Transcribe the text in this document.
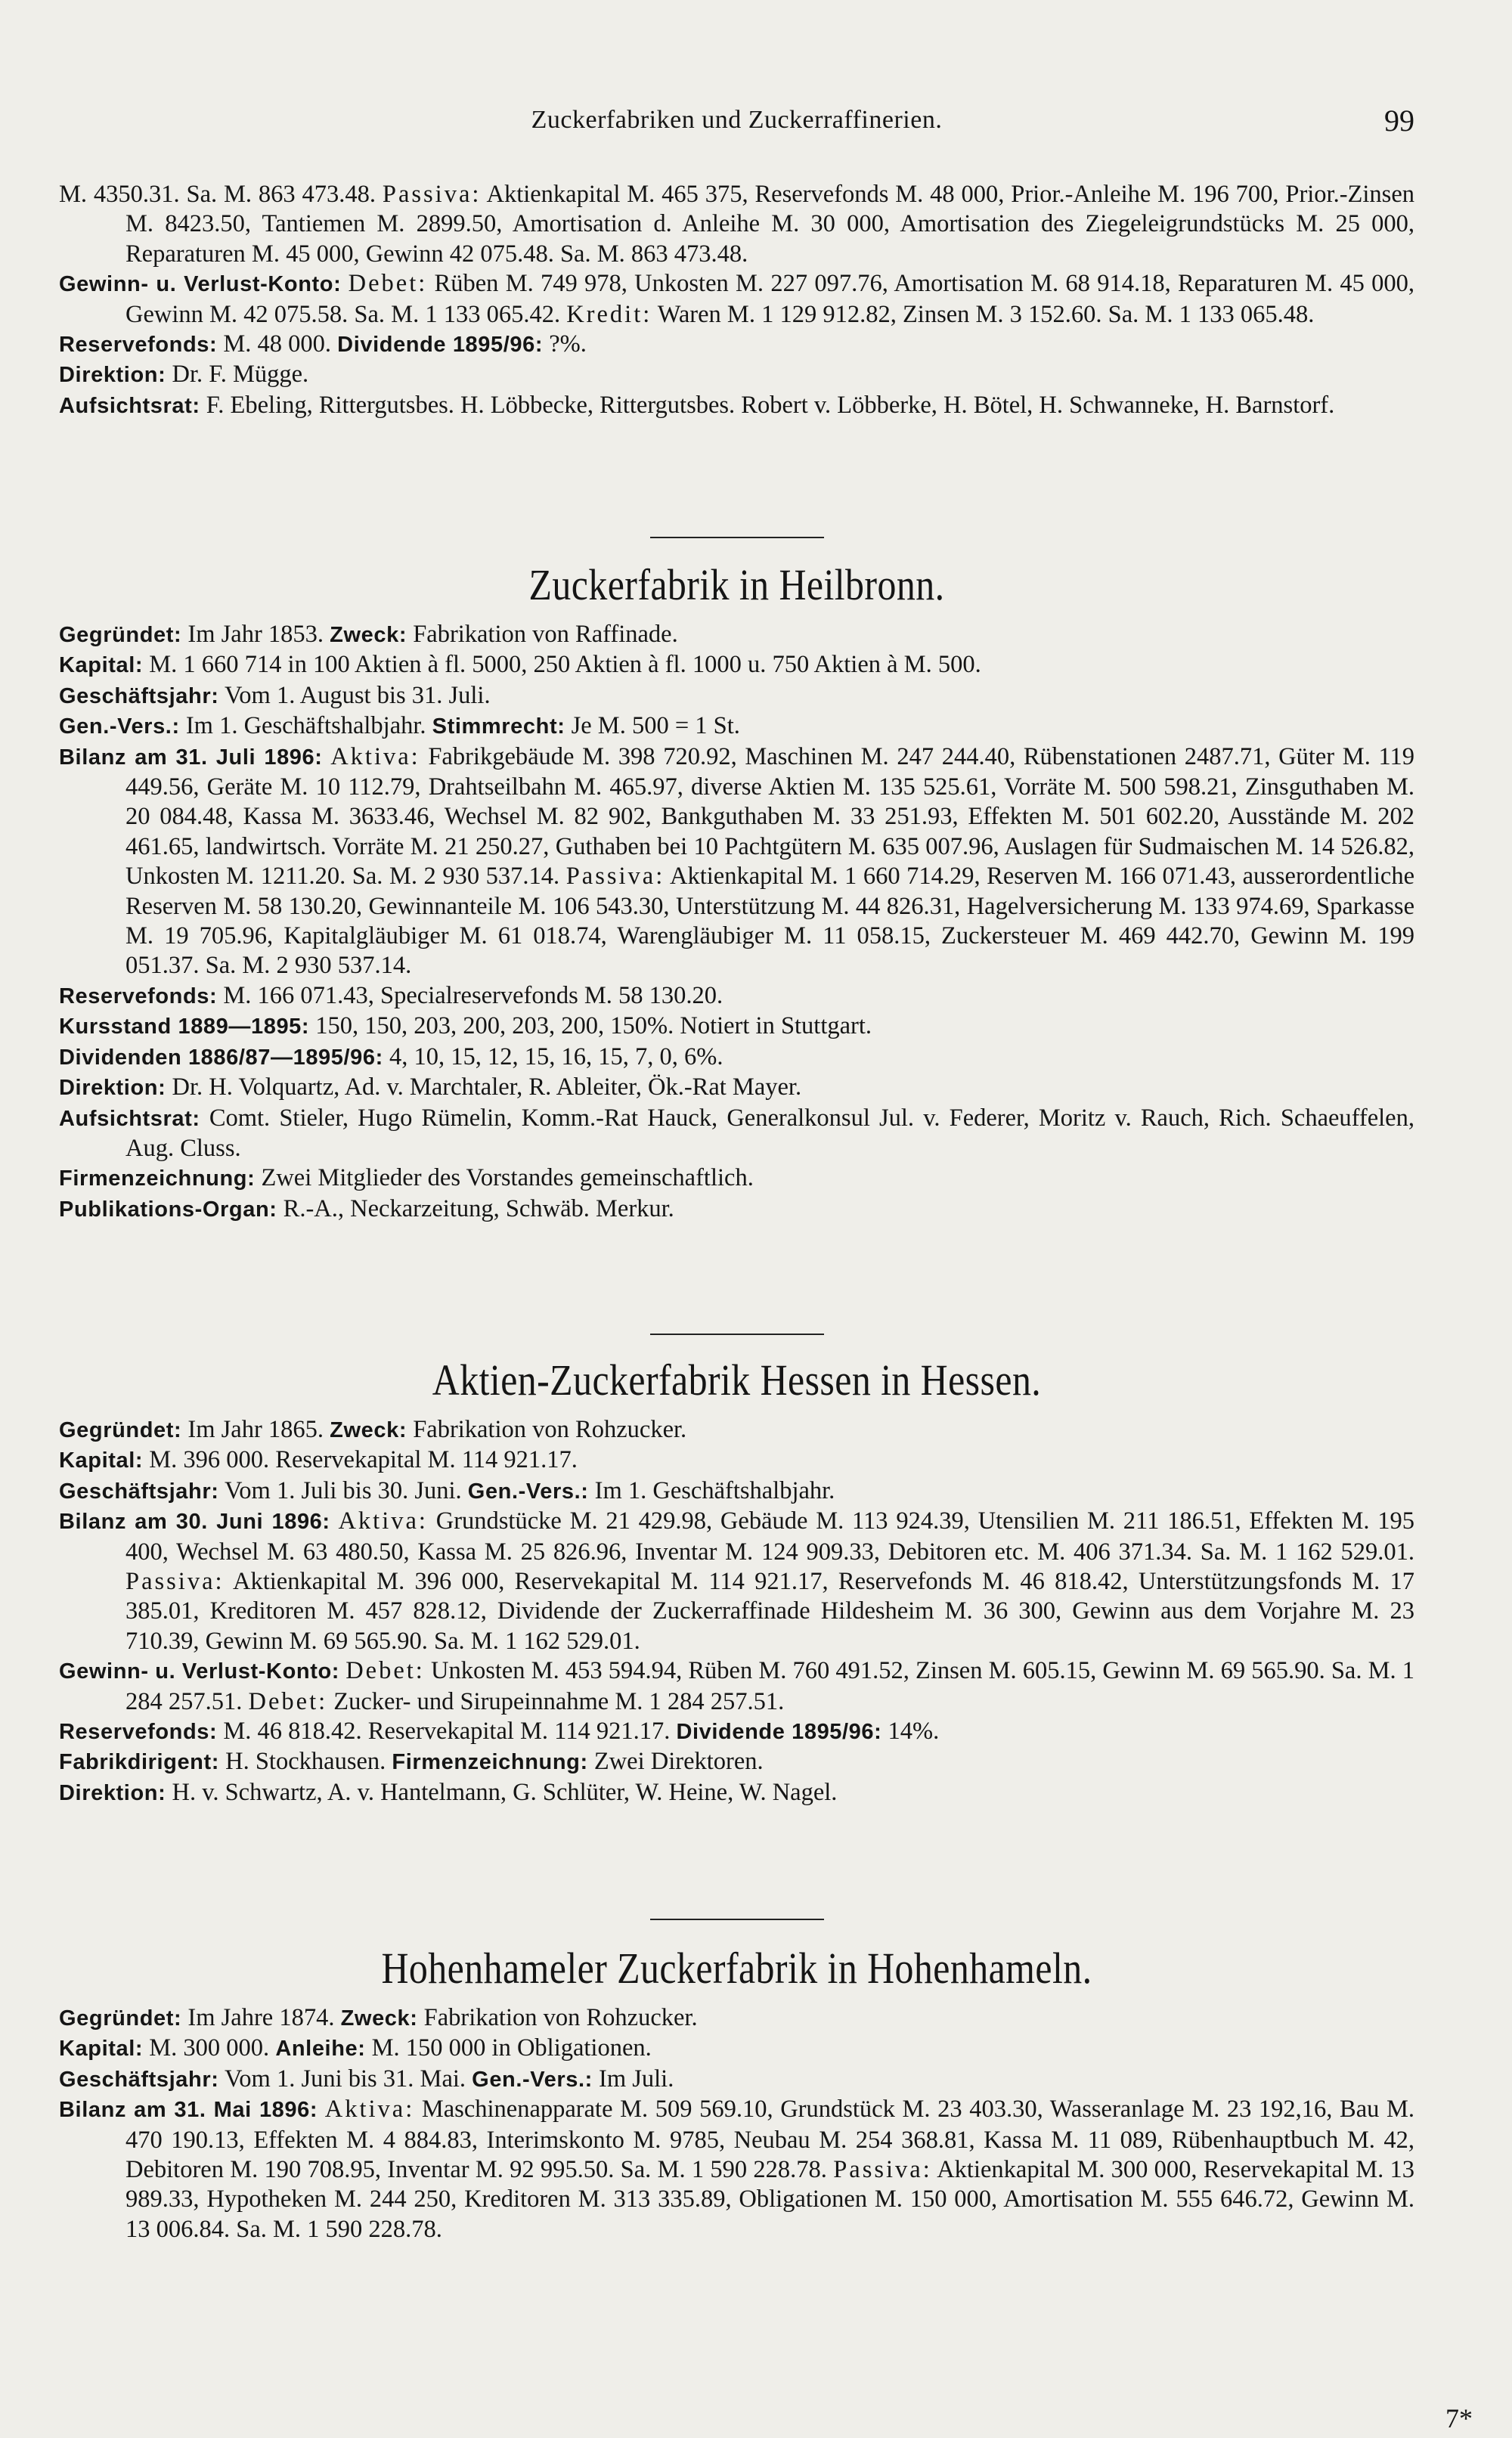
Zuckerfabriken und Zuckerraffinerien.	99

M. 4350.31. Sa. M. 863 473.48. Passiva: Aktienkapital M. 465 375, Reservefonds M. 48 000, Prior.-Anleihe M. 196 700, Prior.-Zinsen M. 8423.50, Tantiemen M. 2899.50, Amortisation d. Anleihe M. 30 000, Amortisation des Ziegeleigrundstücks M. 25 000, Reparaturen M. 45 000, Gewinn 42 075.48. Sa. M. 863 473.48.

Gewinn- u. Verlust-Konto: Debet: Rüben M. 749 978, Unkosten M. 227 097.76, Amortisation M. 68 914.18, Reparaturen M. 45 000, Gewinn M. 42 075.58. Sa. M. 1 133 065.42. Kredit: Waren M. 1 129 912.82, Zinsen M. 3 152.60. Sa. M. 1 133 065.48.

Reservefonds: M. 48 000. Dividende 1895/96: ?%.

Direktion: Dr. F. Mügge.

Aufsichtsrat: F. Ebeling, Rittergutsbes. H. Löbbecke, Rittergutsbes. Robert v. Löbberke, H. Bötel, H. Schwanneke, H. Barnstorf.

Zuckerfabrik in Heilbronn.

Gegründet: Im Jahr 1853. Zweck: Fabrikation von Raffinade.

Kapital: M. 1 660 714 in 100 Aktien à fl. 5000, 250 Aktien à fl. 1000 u. 750 Aktien à M. 500.

Geschäftsjahr: Vom 1. August bis 31. Juli.

Gen.-Vers.: Im 1. Geschäftshalbjahr. Stimmrecht: Je M. 500 = 1 St.

Bilanz am 31. Juli 1896: Aktiva: Fabrikgebäude M. 398 720.92, Maschinen M. 247 244.40, Rübenstationen 2487.71, Güter M. 119 449.56, Geräte M. 10 112.79, Drahtseilbahn M. 465.97, diverse Aktien M. 135 525.61, Vorräte M. 500 598.21, Zinsguthaben M. 20 084.48, Kassa M. 3633.46, Wechsel M. 82 902, Bankguthaben M. 33 251.93, Effekten M. 501 602.20, Ausstände M. 202 461.65, landwirtsch. Vorräte M. 21 250.27, Guthaben bei 10 Pachtgütern M. 635 007.96, Auslagen für Sudmaischen M. 14 526.82, Unkosten M. 1211.20. Sa. M. 2 930 537.14. Passiva: Aktienkapital M. 1 660 714.29, Reserven M. 166 071.43, ausserordentliche Reserven M. 58 130.20, Gewinnanteile M. 106 543.30, Unterstützung M. 44 826.31, Hagelversicherung M. 133 974.69, Sparkasse M. 19 705.96, Kapitalgläubiger M. 61 018.74, Warengläubiger M. 11 058.15, Zuckersteuer M. 469 442.70, Gewinn M. 199 051.37. Sa. M. 2 930 537.14.

Reservefonds: M. 166 071.43, Specialreservefonds M. 58 130.20.

Kursstand 1889—1895: 150, 150, 203, 200, 203, 200, 150%. Notiert in Stuttgart.

Dividenden 1886/87—1895/96: 4, 10, 15, 12, 15, 16, 15, 7, 0, 6%.

Direktion: Dr. H. Volquartz, Ad. v. Marchtaler, R. Ableiter, Ök.-Rat Mayer.

Aufsichtsrat: Comt. Stieler, Hugo Rümelin, Komm.-Rat Hauck, Generalkonsul Jul. v. Federer, Moritz v. Rauch, Rich. Schaeuffelen, Aug. Cluss.

Firmenzeichnung: Zwei Mitglieder des Vorstandes gemeinschaftlich.

Publikations-Organ: R.-A., Neckarzeitung, Schwäb. Merkur.

Aktien-Zuckerfabrik Hessen in Hessen.

Gegründet: Im Jahr 1865. Zweck: Fabrikation von Rohzucker.

Kapital: M. 396 000. Reservekapital M. 114 921.17.

Geschäftsjahr: Vom 1. Juli bis 30. Juni. Gen.-Vers.: Im 1. Geschäftshalbjahr.

Bilanz am 30. Juni 1896: Aktiva: Grundstücke M. 21 429.98, Gebäude M. 113 924.39, Utensilien M. 211 186.51, Effekten M. 195 400, Wechsel M. 63 480.50, Kassa M. 25 826.96, Inventar M. 124 909.33, Debitoren etc. M. 406 371.34. Sa. M. 1 162 529.01. Passiva: Aktienkapital M. 396 000, Reservekapital M. 114 921.17, Reservefonds M. 46 818.42, Unterstützungsfonds M. 17 385.01, Kreditoren M. 457 828.12, Dividende der Zuckerraffinade Hildesheim M. 36 300, Gewinn aus dem Vorjahre M. 23 710.39, Gewinn M. 69 565.90. Sa. M. 1 162 529.01.

Gewinn- u. Verlust-Konto: Debet: Unkosten M. 453 594.94, Rüben M. 760 491.52, Zinsen M. 605.15, Gewinn M. 69 565.90. Sa. M. 1 284 257.51. Debet: Zucker- und Sirupeinnahme M. 1 284 257.51.

Reservefonds: M. 46 818.42. Reservekapital M. 114 921.17. Dividende 1895/96: 14%.

Fabrikdirigent: H. Stockhausen. Firmenzeichnung: Zwei Direktoren.

Direktion: H. v. Schwartz, A. v. Hantelmann, G. Schlüter, W. Heine, W. Nagel.

Hohenhameler Zuckerfabrik in Hohenhameln.

Gegründet: Im Jahre 1874. Zweck: Fabrikation von Rohzucker.

Kapital: M. 300 000. Anleihe: M. 150 000 in Obligationen.

Geschäftsjahr: Vom 1. Juni bis 31. Mai. Gen.-Vers.: Im Juli.

Bilanz am 31. Mai 1896: Aktiva: Maschinenapparate M. 509 569.10, Grundstück M. 23 403.30, Wasseranlage M. 23 192,16, Bau M. 470 190.13, Effekten M. 4 884.83, Interimskonto M. 9785, Neubau M. 254 368.81, Kassa M. 11 089, Rübenhauptbuch M. 42, Debitoren M. 190 708.95, Inventar M. 92 995.50. Sa. M. 1 590 228.78. Passiva: Aktienkapital M. 300 000, Reservekapital M. 13 989.33, Hypotheken M. 244 250, Kreditoren M. 313 335.89, Obligationen M. 150 000, Amortisation M. 555 646.72, Gewinn M. 13 006.84. Sa. M. 1 590 228.78.

7*
